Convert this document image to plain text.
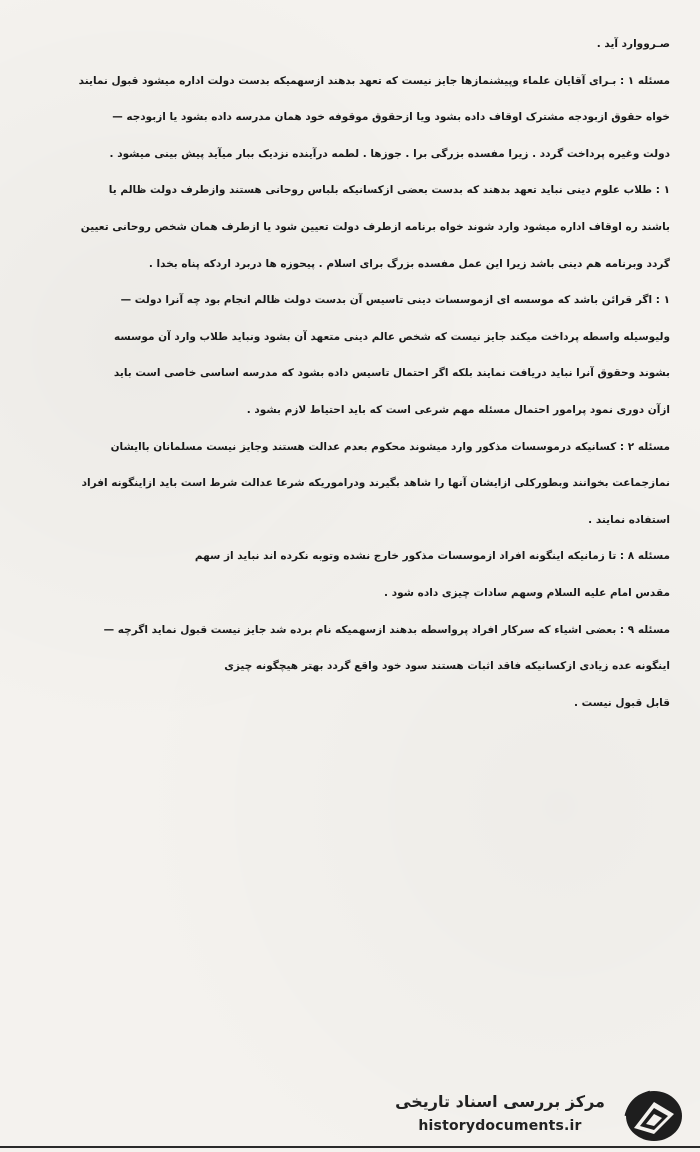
صـرووارد آيد .
مسئله ۱ : بـرای آقایان علماء وپیشنمازها جایز نیست که تعهد بدهند ازسهمیکه بدست دولت اداره میشود قبول نمایند
خواه حقوق ازبودجه مشترک اوقاف داده بشود ویا ازحقوق موقوفه خود همان مدرسه داده بشود یا ازبودجه —
دولت وغیره پرداخت گردد . زیرا مفسده بزرگی برا . جوزها . لطمه درآینده نزدیک ببار میآید پیش بینی میشود .
۱ : طلاب علوم دینی نباید تعهد بدهند که بدست بعضی ازکسانیکه بلباس روحانی هستند وازطرف دولت ظالم یا
باشند ره اوقاف اداره میشود وارد شوند خواه برنامه ازطرف دولت تعیین شود یا ازطرف همان شخص روحانی تعیین
گردد وبرنامه هم دینی باشد زیرا این عمل مفسده بزرگ برای اسلام . پیحوزه ها دربرد اردکه پناه بخدا .
۱ : اگر قرائن باشد که موسسه ای ازموسسات دینی تاسیس آن بدست دولت ظالم انجام بود چه آنرا دولت —
ولیوسیله واسطه پرداخت میکند جایز نیست که شخص عالم دینی متعهد آن بشود ونباید طلاب وارد آن موسسه
بشوند وحقوق آنرا نباید دریافت نمایند بلکه اگر احتمال تاسیس داده بشود که مدرسه اساسی خاصی است باید
ازآن دوری نمود پرامور احتمال مسئله مهم شرعی است که باید احتیاط لازم بشود .
مسئله ۲ : کسانیکه درموسسات مذکور وارد میشوند محکوم بعدم عدالت هستند وجایز نیست مسلمانان باایشان
نمازجماعت بخوانند وبطورکلی ازایشان آنها را شاهد بگیرند ودراموریکه شرعا عدالت شرط است باید ازاینگونه افراد
استفاده نمایند .
مسئله ۸ : تا زمانیکه اینگونه افراد ازموسسات مذکور خارج نشده وتوبه نکرده اند نباید از سهم
مقدس امام علیه السلام وسهم سادات چیزی داده شود .
مسئله ۹ : بعضی اشیاء که سرکار افراد پرواسطه بدهند ازسهمیکه نام برده شد جایز نیست قبول نماید اگرچه —
اینگونه عده زیادی ازکسانیکه فاقد اثبات هستند سود خود واقع گردد بهتر هیچگونه چیزی
قابل قبول نیست .
مرکز بررسی اسناد تاریخی
historydocuments.ir
